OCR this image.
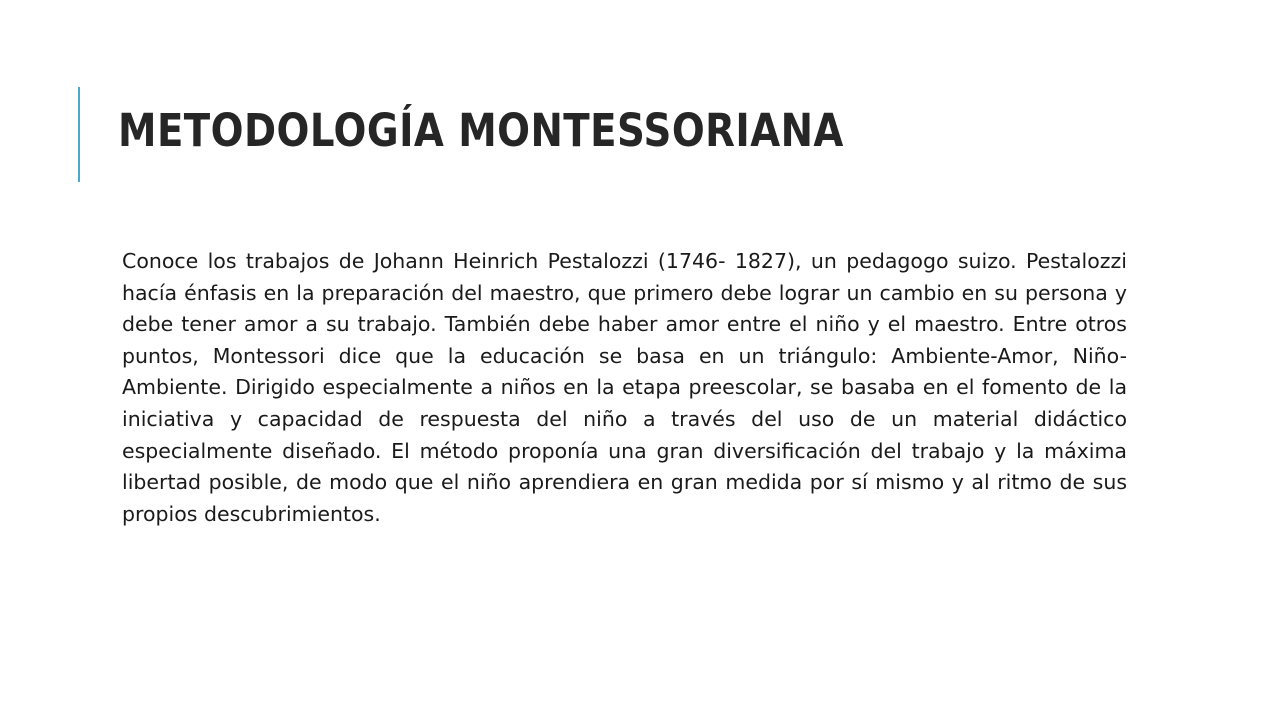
METODOLOGÍA MONTESSORIANA

Conoce los trabajos de Johann Heinrich Pestalozzi (1746- 1827), un pedagogo suizo. Pestalozzi hacía énfasis en la preparación del maestro, que primero debe lograr un cambio en su persona y debe tener amor a su trabajo. También debe haber amor entre el niño y el maestro. Entre otros puntos, Montessori dice que la educación se basa en un triángulo: Ambiente-Amor, Niño-Ambiente. Dirigido especialmente a niños en la etapa preescolar, se basaba en el fomento de la iniciativa y capacidad de respuesta del niño a través del uso de un material didáctico especialmente diseñado. El método proponía una gran diversificación del trabajo y la máxima libertad posible, de modo que el niño aprendiera en gran medida por sí mismo y al ritmo de sus propios descubrimientos.
